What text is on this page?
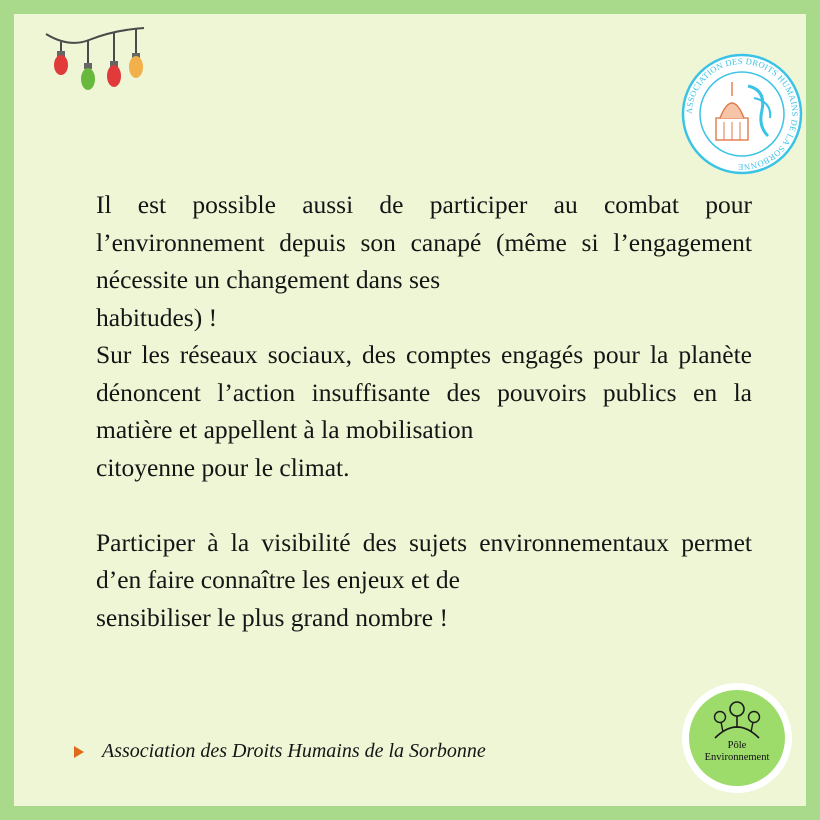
ASSOCIATION DES DROITS HUMAINS DE LA SORBONNE

Il est possible aussi de participer au combat pour l’environnement depuis son canapé (même si l’engagement nécessite un changement dans ses
habitudes) !

Sur les réseaux sociaux, des comptes engagés pour la planète dénoncent l’action insuffisante des pouvoirs publics en la matière et appellent à la mobilisation
citoyenne pour le climat.

Participer à la visibilité des sujets environnementaux permet d’en faire connaître les enjeux et de
sensibiliser le plus grand nombre !

Association des Droits Humains de la Sorbonne	Pôle
Environnement
